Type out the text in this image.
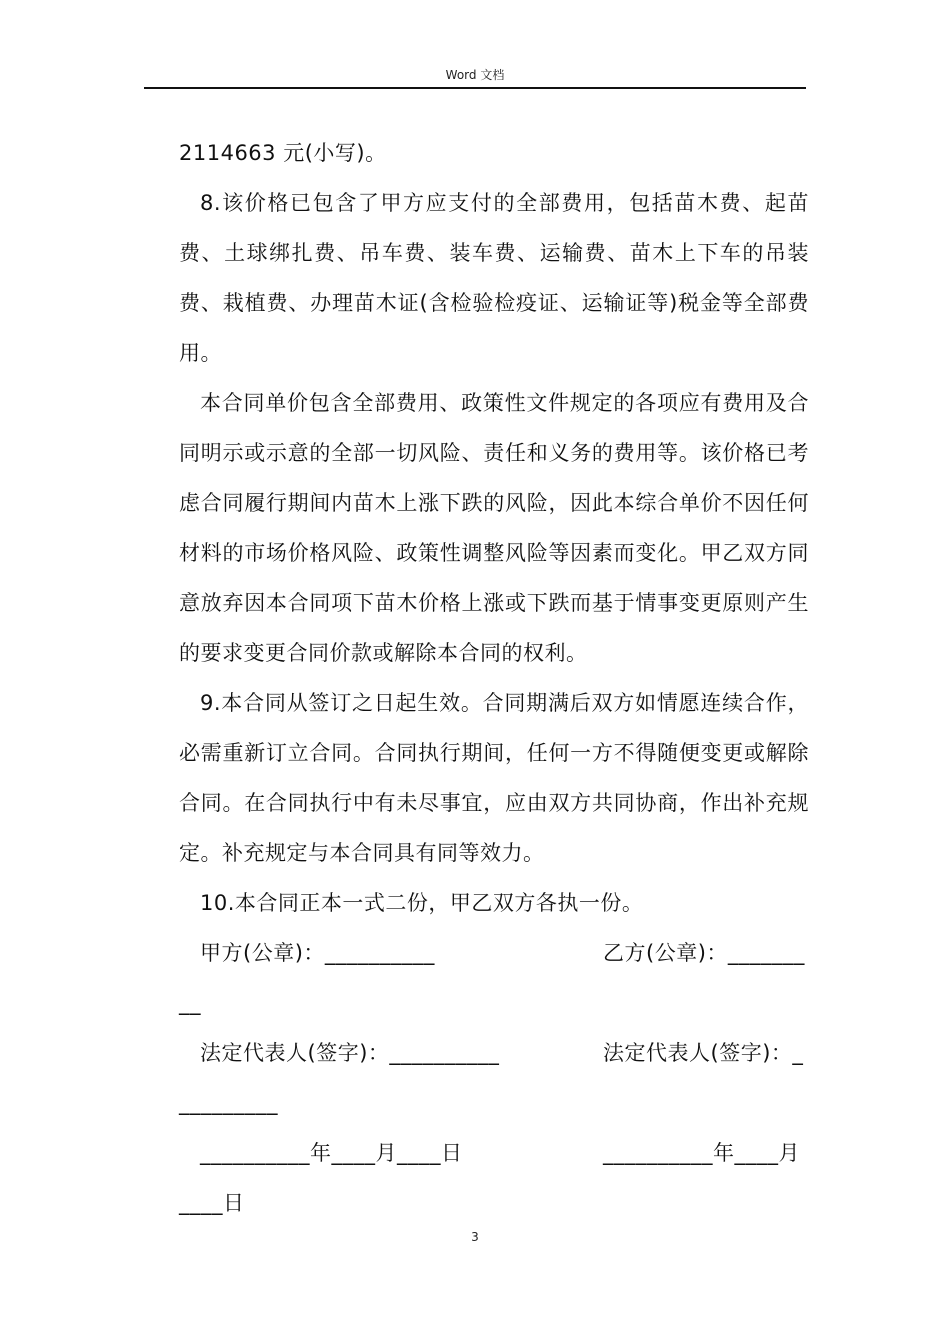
Word 文档

2114663 元(小写)。

8.该价格已包含了甲方应支付的全部费用，包括苗木费、起苗费、土球绑扎费、吊车费、装车费、运输费、苗木上下车的吊装费、栽植费、办理苗木证(含检验检疫证、运输证等)税金等全部费用。

本合同单价包含全部费用、政策性文件规定的各项应有费用及合同明示或示意的全部一切风险、责任和义务的费用等。该价格已考虑合同履行期间内苗木上涨下跌的风险，因此本综合单价不因任何材料的市场价格风险、政策性调整风险等因素而变化。甲乙双方同意放弃因本合同项下苗木价格上涨或下跌而基于情事变更原则产生的要求变更合同价款或解除本合同的权利。

9.本合同从签订之日起生效。合同期满后双方如情愿连续合作，必需重新订立合同。合同执行期间，任何一方不得随便变更或解除合同。在合同执行中有未尽事宜，应由双方共同协商，作出补充规定。补充规定与本合同具有同等效力。

10.本合同正本一式二份，甲乙双方各执一份。

甲方(公章)：__________	乙方(公章)：_______
__
法定代表人(签字)：__________	法定代表人(签字)：_
_________
__________年____月____日	__________年____月
____日
3
